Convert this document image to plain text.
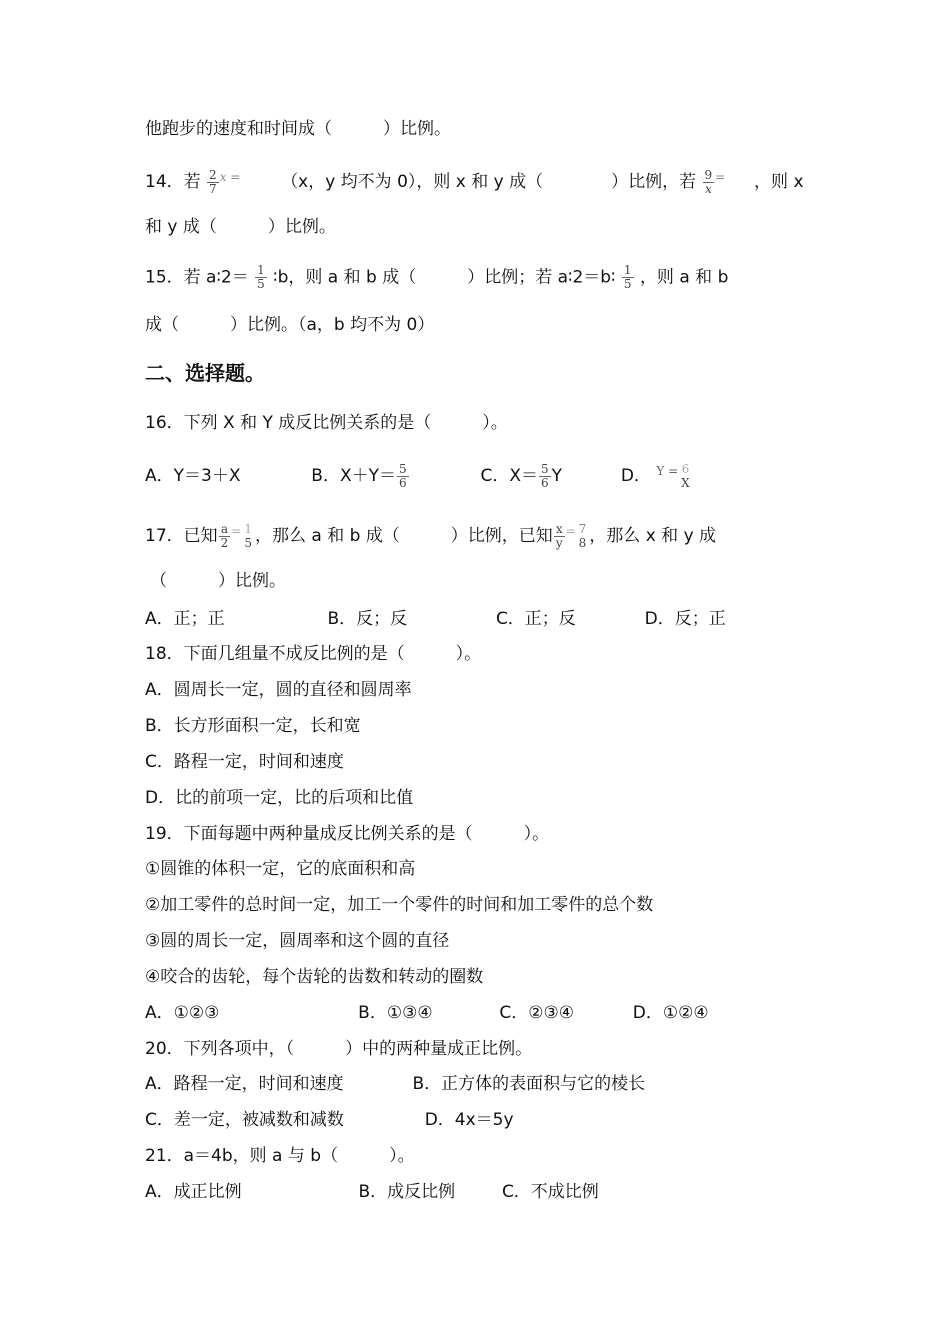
他跑步的速度和时间成（　　　）比例。
14．若 $\frac{2}{7} ^{x =}$ （x，y 均不为 0），则 x 和 y 成（　　　　）比例，若 $\frac{9}{x} ^=$ ，则 x
和 y 成（　　　）比例。
15．若 a∶2＝ $\frac{1}{5}$ ∶b，则 a 和 b 成（　　　）比例；若 a∶2＝b∶ $\frac{1}{5}$ ，则 a 和 b
成（　　　）比例。（a，b 均不为 0）
二、选择题。
16．下列 X 和 Y 成反比例关系的是（　　　）。
A．Y＝3＋X	B．$X+Y= \frac{5}{6}$	C．$X= \frac{5}{6}$ Y	D． $^{Y =}$ 6
X
17．已知 $\frac{a}{2} ^=$ 1
5 ，那么 a 和 b 成（　　　）比例，已知 $\frac{x}{y} ^=$ 7
8 ，那么 x 和 y 成
（　　　）比例。
A．正；正	B．反；反	C．正；反	D．反；正
18．下面几组量不成反比例的是（　　　）。
A．圆周长一定，圆的直径和圆周率
B．长方形面积一定，长和宽
C．路程一定，时间和速度
D．比的前项一定，比的后项和比值
19．下面每题中两种量成反比例关系的是（　　　）。
①圆锥的体积一定，它的底面积和高
②加工零件的总时间一定，加工一个零件的时间和加工零件的总个数
③圆的周长一定，圆周率和这个圆的直径
④咬合的齿轮，每个齿轮的齿数和转动的圈数
A．①②③	B．①③④	C．②③④	D．①②④
20．下列各项中，（　　　）中的两种量成正比例。
A．路程一定，时间和速度	B．正方体的表面积与它的棱长
C．差一定，被减数和减数	D．4x＝5y
21．a＝4b，则 a 与 b（　　　）。
A．成正比例	B．成反比例	C．不成比例
